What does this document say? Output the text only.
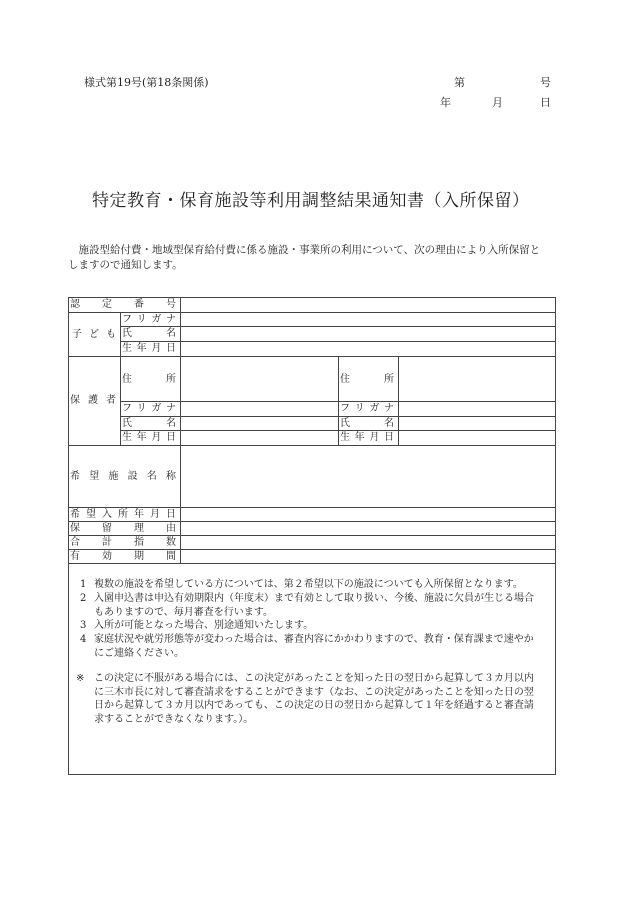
様式第19号(第18条関係)	第	号
年	月	日
特定教育・保育施設等利用調整結果通知書（入所保留）
施設型給付費・地域型保育給付費に係る施設・事業所の利用について、次の理由により入所保留としますので通知します。
認 定 番 号
子 ど も
フ リ ガ ナ
氏	名
生 年 月 日
保 護 者
住	所
フ リ ガ ナ
氏	名
生 年 月 日
住	所
フ リ ガ ナ
氏	名
生 年 月 日
希 望 施 設 名 称
希 望 入 所 年 月 日
保 留 理 由
合 計 指 数
有 効 期 間
1 複数の施設を希望している方については、第２希望以下の施設についても入所保留となります。
2 入園申込書は申込有効期限内（年度末）まで有効として取り扱い、今後、施設に欠員が生じる場合もありますので、毎月審査を行います。
3 入所が可能となった場合、別途通知いたします。
4 家庭状況や就労形態等が変わった場合は、審査内容にかかわりますので、教育・保育課まで速やかにご連絡ください。
※ この決定に不服がある場合には、この決定があったことを知った日の翌日から起算して３カ月以内に三木市長に対して審査請求をすることができます（なお、この決定があったことを知った日の翌日から起算して３カ月以内であっても、この決定の日の翌日から起算して１年を経過すると審査請求することができなくなります。）。
